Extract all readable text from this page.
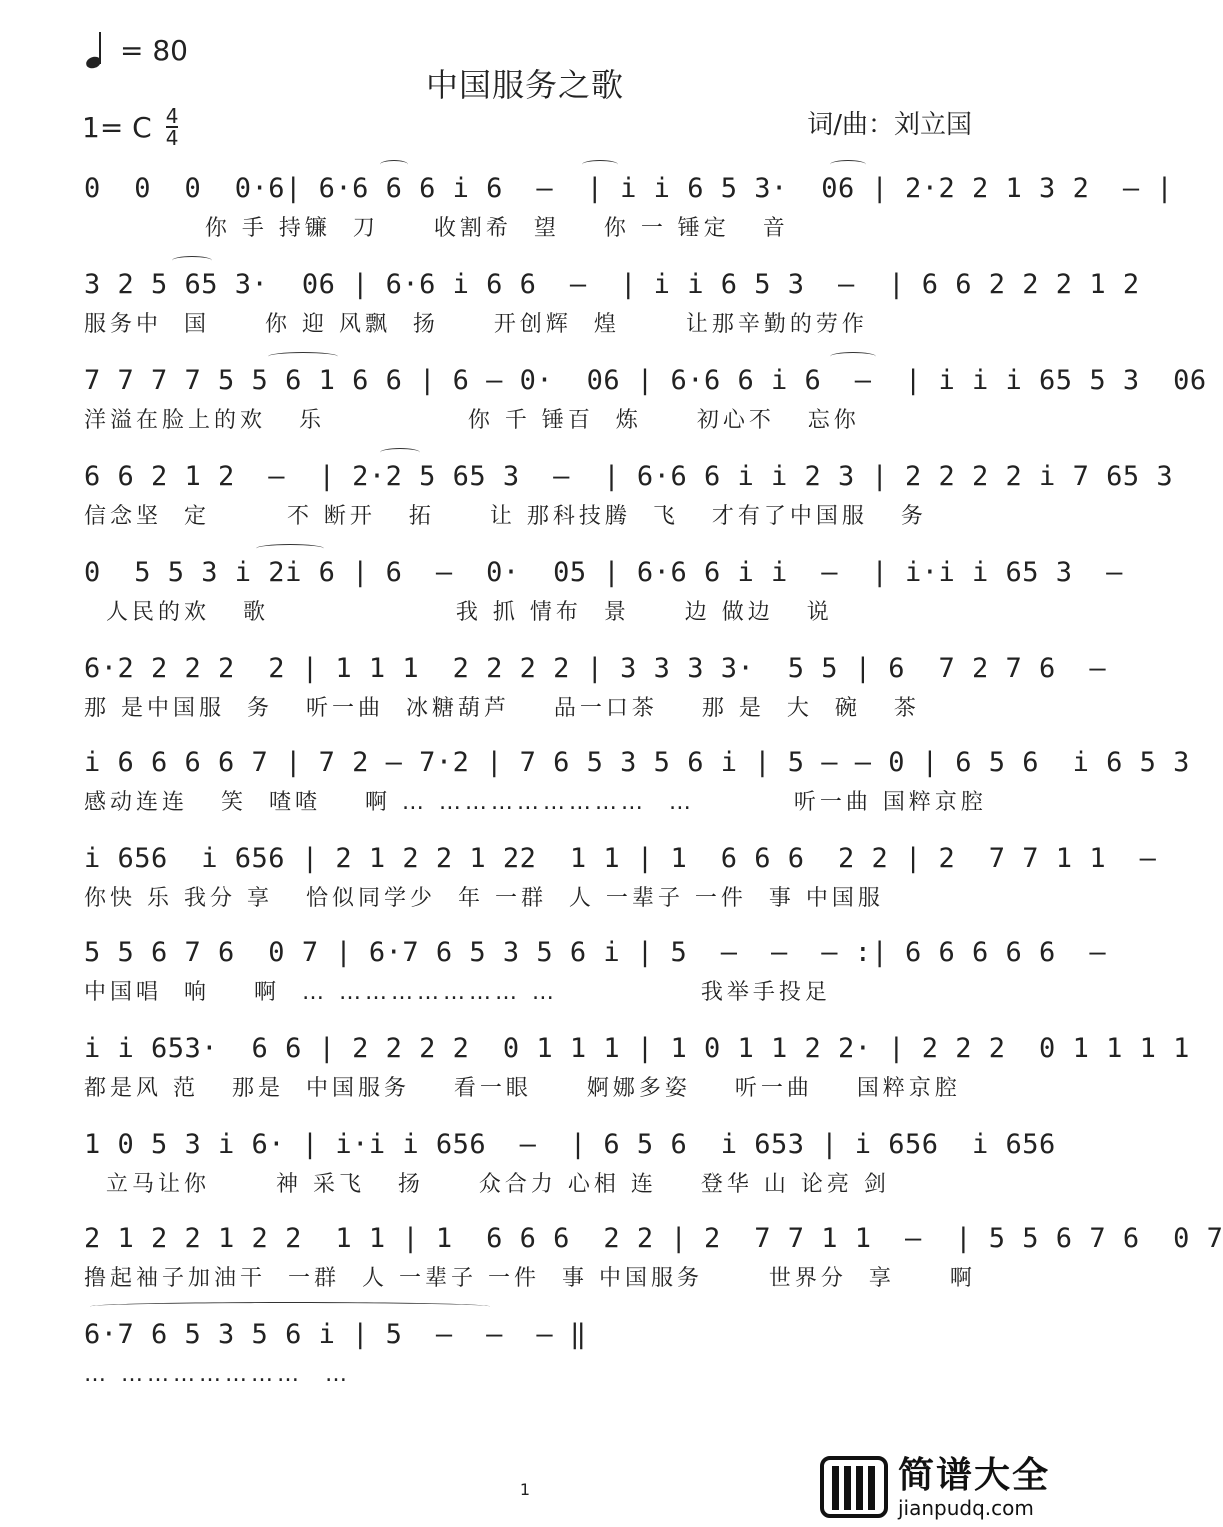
= 80
中国服务之歌
1= C $\frac{4}{4}$	词/曲：刘立国
0  0  0  0·6| 6·6 6 6 i 6  —  | i i 6 5 3·  06 | 2·2 2 1 3 2  — |
你 手 持镰  刀     收割希  望    你 一 锤定   音
3 2 5 65 3·  06 | 6·6 i 6 6  —  | i i 6 5 3  —  | 6 6 2 2 2 1 2
服务中  国     你 迎 风飘  扬     开创辉  煌      让那辛勤的劳作
7 7 7 7 5 5 6 1 6 6 | 6 — 0·  06 | 6·6 6 i 6  —  | i i i 65 5 3  06
洋溢在脸上的欢   乐             你 千 锤百  炼     初心不   忘你
6 6 2 1 2  —  | 2·2 5 65 3  —  | 6·6 6 i i 2 3 | 2 2 2 2 i 7 65 3
信念坚  定       不 断开   拓     让 那科技腾  飞   才有了中国服   务
0  5 5 3 i 2i 6 | 6  —  0·  05 | 6·6 6 i i  —  | i·i i 65 3  —
人民的欢   歌                 我 抓 情布  景     边 做边   说
6·2 2 2 2  2 | 1 1 1  2 2 2 2 | 3 3 3 3·  5 5 | 6  7 2 7 6  —
那 是中国服  务   听一曲  冰糖葫芦    品一口茶    那 是  大  碗   茶
i 6 6 6 6 7 | 7 2 — 7·2 | 7 6 5 3 5 6 i | 5 — — 0 | 6 5 6  i 6 5 3
感动连连   笑  喳喳    啊 … ……………………  …         听一曲 国粹京腔
i 656  i 656 | 2 1 2 2 1 22  1 1 | 1  6 6 6  2 2 | 2  7 7 1 1  —
你快 乐 我分 享   恰似同学少  年 一群  人 一辈子 一件  事 中国服
5 5 6 7 6  0 7 | 6·7 6 5 3 5 6 i | 5  —  —  — :| 6 6 6 6 6  —
中国唱  响    啊  … ………………… …             我举手投足
i i 653·  6 6 | 2 2 2 2  0 1 1 1 | 1 0 1 1 2 2· | 2 2 2  0 1 1 1 1
都是风 范   那是  中国服务    看一眼     婀娜多姿    听一曲    国粹京腔
1 0 5 3 i 6· | i·i i 656  —  | 6 5 6  i 653 | i 656  i 656
立马让你      神 采飞   扬     众合力 心相 连    登华 山 论亮 剑
2 1 2 2 1 2 2  1 1 | 1  6 6 6  2 2 | 2  7 7 1 1  —  | 5 5 6 7 6  0 7
撸起袖子加油干  一群  人 一辈子 一件  事 中国服务      世界分  享     啊
6·7 6 5 3 5 6 i | 5  —  —  — ‖
… …………………  …
1	简谱大全
jianpudq.com
